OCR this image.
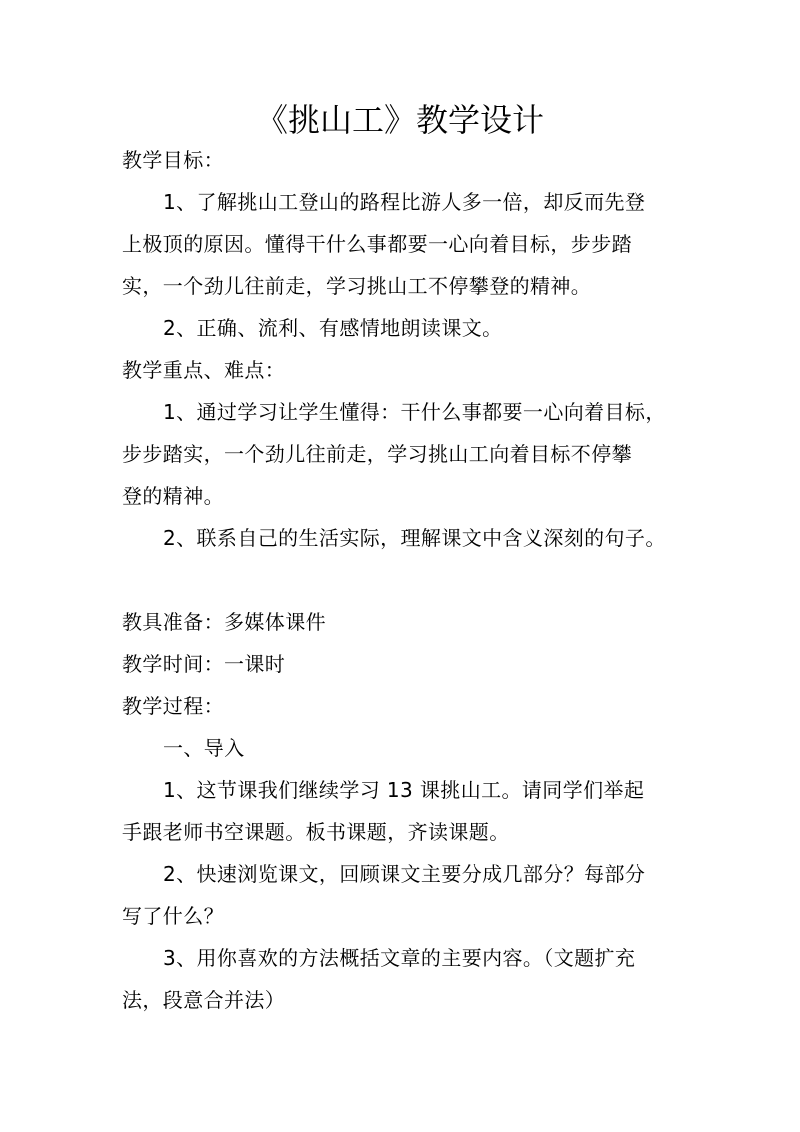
《挑山工》教学设计
教学目标：
1、了解挑山工登山的路程比游人多一倍，却反而先登
上极顶的原因。懂得干什么事都要一心向着目标，步步踏
实，一个劲儿往前走，学习挑山工不停攀登的精神。
2、正确、流利、有感情地朗读课文。
教学重点、难点：
1、通过学习让学生懂得：干什么事都要一心向着目标，
步步踏实，一个劲儿往前走，学习挑山工向着目标不停攀
登的精神。
2、联系自己的生活实际，理解课文中含义深刻的句子。
教具准备：多媒体课件
教学时间：一课时
教学过程：
一、导入
1、这节课我们继续学习 13 课挑山工。请同学们举起
手跟老师书空课题。板书课题，齐读课题。
2、快速浏览课文，回顾课文主要分成几部分？每部分
写了什么？
3、用你喜欢的方法概括文章的主要内容。（文题扩充
法，段意合并法）
